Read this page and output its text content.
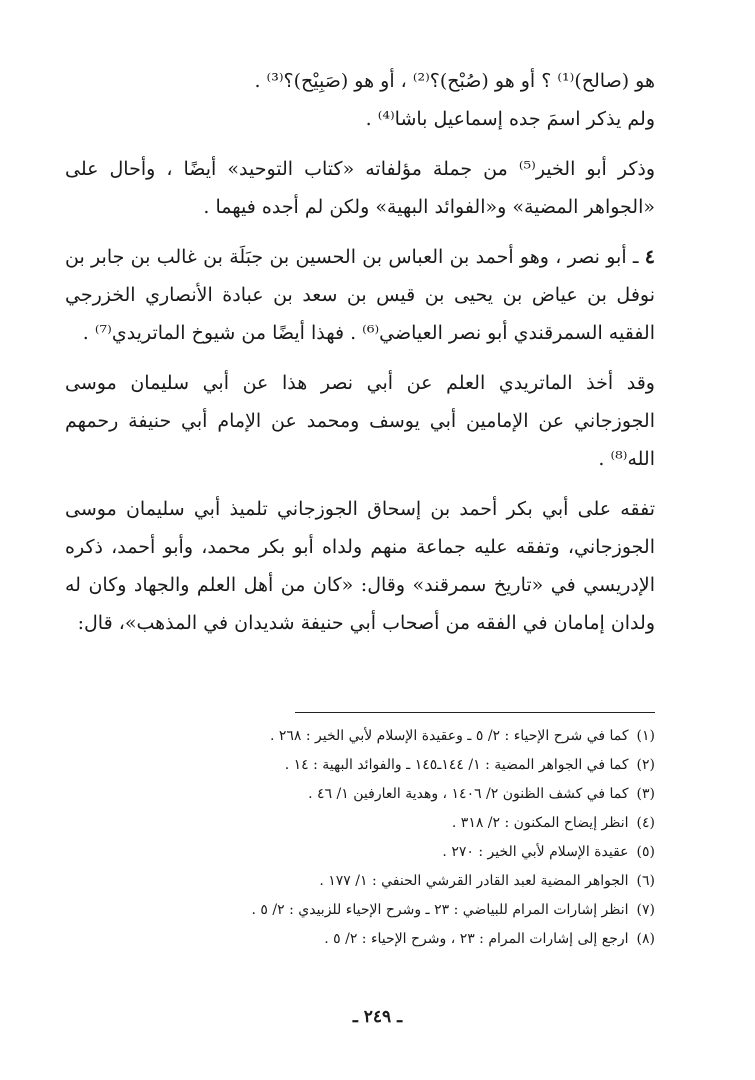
هو (صالح)⁽¹⁾ ؟ أو هو (صُبْح)؟⁽²⁾ ، أو هو (صَبِيْح)؟⁽³⁾ .

ولم يذكر اسمَ جده إسماعيل باشا⁽⁴⁾ .

وذكر أبو الخير⁽⁵⁾ من جملة مؤلفاته «كتاب التوحيد» أيضًا ، وأحال على «الجواهر المضية» و«الفوائد البهية» ولكن لم أجده فيهما .

٤ ـ أبو نصر ، وهو أحمد بن العباس بن الحسين بن جبَلَة بن غالب بن جابر بن نوفل بن عياض بن يحيى بن قيس بن سعد بن عبادة الأنصاري الخزرجي الفقيه السمرقندي أبو نصر العياضي⁽⁶⁾ . فهذا أيضًا من شيوخ الماتريدي⁽⁷⁾ .

وقد أخذ الماتريدي العلم عن أبي نصر هذا عن أبي سليمان موسى الجوزجاني عن الإمامين أبي يوسف ومحمد عن الإمام أبي حنيفة رحمهم الله⁽⁸⁾ .

تفقه على أبي بكر أحمد بن إسحاق الجوزجاني تلميذ أبي سليمان موسى الجوزجاني، وتفقه عليه جماعة منهم ولداه أبو بكر محمد، وأبو أحمد، ذكره الإدريسي في «تاريخ سمرقند» وقال: «كان من أهل العلم والجهاد وكان له ولدان إمامان في الفقه من أصحاب أبي حنيفة شديدان في المذهب»، قال:

(١)كما في شرح الإحياء : ٢/ ٥ ـ وعقيدة الإسلام لأبي الخير : ٢٦٨ .
(٢)كما في الجواهر المضية : ١/ ١٤٤ـ١٤٥ ـ والفوائد البهية : ١٤ .
(٣)كما في كشف الظنون ٢/ ١٤٠٦ ، وهدية العارفين ١/ ٤٦ .
(٤)انظر إيضاح المكنون : ٢/ ٣١٨ .
(٥)عقيدة الإسلام لأبي الخير : ٢٧٠ .
(٦)الجواهر المضية لعبد القادر القرشي الحنفي : ١/ ١٧٧ .
(٧)انظر إشارات المرام للبياضي : ٢٣ ـ وشرح الإحياء للزبيدي : ٢/ ٥ .
(٨)ارجع إلى إشارات المرام : ٢٣ ، وشرح الإحياء : ٢/ ٥ .
ـ ٢٤٩ ـ
